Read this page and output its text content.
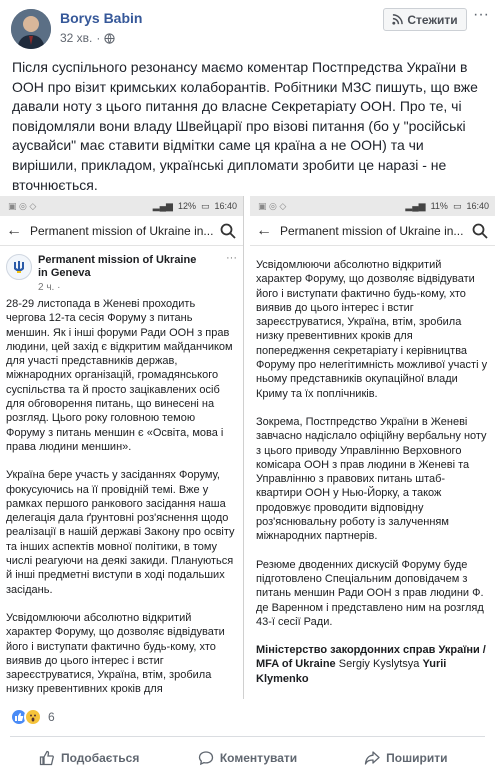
Borys Babin
32 хв. ·
Стежити ···
Після суспільного резонансу маємо коментар Постпредства України в ООН про візит кримських колаборантів. Робітники МЗС пишуть, що вже давали ноту з цього питання до власне Секретаріату ООН. Про те, чі повідомляли вони владу Швейцарії про візові питання (бо у "російські аусвайси" має ставити відмітки саме ця країна а не ООН) та чи вирішили, прикладом, українські дипломати зробити це наразі - не вточнюється.
▣ ◎ ◇	▂▄▆ 12% ▭ 16:40
← Permanent mission of Ukraine in...
Permanent mission of Ukraine in Geneva
2 ч. ·
···

28-29 листопада в Женеві проходить чергова 12-та сесія Форуму з питань меншин. Як і інші форуми Ради ООН з прав людини, цей захід є відкритим майданчиком для участі представників держав, міжнародних організацій, громадянського суспільства та й просто зацікавлених осіб для обговорення питань, що винесені на розгляд. Цього року головною темою Форуму з питань меншин є «Освіта, мова і права людини меншин».

Україна бере участь у засіданнях Форуму, фокусуючись на її провідній темі. Вже у рамках першого ранкового засідання наша делегація дала ґрунтовні роз'яснення щодо реалізації в нашій державі Закону про освіту та інших аспектів мовної політики, в тому числі реагуючи на деякі закиди. Плануються й інші предметні виступи в ході подальших засідань.

Усвідомлюючи абсолютно відкритий характер Форуму, що дозволяє відвідувати його і виступати фактично будь-кому, хто виявив до цього інтерес і встиг зареєструватися, Україна, втім, зробила низку превентивних кроків для

▣ ◎ ◇	▂▄▆ 11% ▭ 16:40
← Permanent mission of Ukraine in...

Усвідомлюючи абсолютно відкритий характер Форуму, що дозволяє відвідувати його і виступати фактично будь-кому, хто виявив до цього інтерес і встиг зареєструватися, Україна, втім, зробила низку превентивних кроків для попередження секретаріату і керівництва Форуму про нелегітимність можливої участі у ньому представників окупаційної влади Криму та їх поплічників.

Зокрема, Постпредство України в Женеві завчасно надіслало офіційну вербальну ноту з цього приводу Управлінню Верховного комісара ООН з прав людини в Женеві та Управлінню з правових питань штаб-квартири ООН у Нью-Йорку, а також продовжує проводити відповідну роз'яснювальну роботу із залученням міжнародних партнерів.

Резюме дводенних дискусій Форуму буде підготовлено Спеціальним доповідачем з питань меншин Ради ООН з прав людини Ф. де Варенном і представлено ним на розгляд 43-ї сесії Ради.

Міністерство закордонних справ України / MFA of Ukraine Sergiy Kyslytsya Yurii Klymenko

6
Подобається	Коментувати	Поширити
